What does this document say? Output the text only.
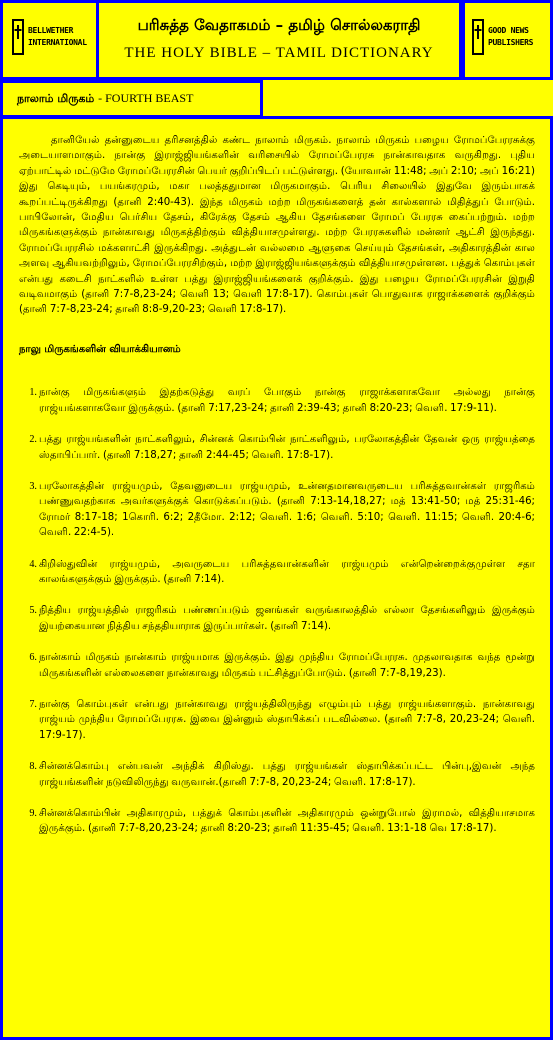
BELLWETHER
INTERNATIONAL
பரிசுத்த வேதாகமம் – தமிழ் சொல்லகராதி
THE HOLY BIBLE – TAMIL DICTIONARY
GOOD NEWS
PUBLISHERS
நாலாம் மிருகம் - FOURTH BEAST

தானியேல் தன்னுடைய தரிசனத்தில் கண்ட நாலாம் மிருகம். நாலாம் மிருகம் பழைய ரோமப்பேரரசுக்கு அடையாளமாகும். நான்கு இராஜ்ஜியங்களின் வரிசையில் ரோமப்பேரரசு நான்காவதாக வருகிறது. புதிய ஏற்பாட்டில் மட்டுமே ரோமப்பேரரசின் பெயர் குறிப்பிடப் பட்டுள்ளது. (யோவான் 11:48; அப் 2:10; அப் 16:21) இது கெடியும், பயங்கரமும், மகா பலத்ததுமான மிருகமாகும். பெரிய சிலையில் இதுவே இரும்பாகக் கூறப்பட்டிருக்கிறது (தானி 2:40-43). இந்த மிருகம் மற்ற மிருகங்களைத் தன் கால்களால் மிதித்துப் போடும். பாபிலோன், மேதிய பெர்சிய தேசம், கிரேக்கு தேசம் ஆகிய தேசங்களை ரோமப் பேரரசு கைப்பற்றும். மற்ற மிருகங்களுக்கும் நான்காவது மிருகத்திற்கும் வித்தியாசமுள்ளது. மற்ற பேரரசுகளில் மன்னர் ஆட்சி இருந்தது. ரோமப்பேரரசில் மக்களாட்சி இருக்கிறது. அத்துடன் வல்லமை ஆளுகை செய்யும் தேசங்கள், அதிகாரத்தின் கால அளவு ஆகியவற்றிலும், ரோமப்பேரரசிற்கும், மற்ற இராஜ்ஜியங்களுக்கும் வித்தியாசமுள்ளன. பத்துக் கொம்புகள் என்பது கடைசி நாட்களில் உள்ள பத்து இராஜ்ஜியங்களைக் குறிக்கும். இது பழைய ரோமப்பேரரசின் இறுதி வடிவமாகும் (தானி 7:7-8,23-24; வெளி 13; வெளி 17:8-17). கொம்புகள் பொதுவாக ராஜாக்களைக் குறிக்கும் (தானி 7:7-8,23-24; தானி 8:8-9,20-23; வெளி 17:8-17).

நாலு மிருகங்களின் வியாக்கியானம்
1. நான்கு மிருகங்களும் இதற்கடுத்து வரப் போகும் நான்கு ராஜாக்களாகவோ அல்லது நான்கு ராஜ்யங்களாகவோ இருக்கும். (தானி 7:17,23-24; தானி 2:39-43; தானி 8:20-23; வெளி. 17:9-11).
2. பத்து ராஜ்யங்களின் நாட்களிலும், சின்னக் கொம்பின் நாட்களிலும், பரலோகத்தின் தேவன் ஒரு ராஜ்யத்தை ஸ்தாபிப்பார். (தானி 7:18,27; தானி 2:44-45; வெளி. 17:8-17).
3. பரலோகத்தின் ராஜ்யமும், தேவனுடைய ராஜ்யமும், உன்னதமானவருடைய பரிசுத்தவான்கள் ராஜரிகம் பண்ணுவதற்காக அவர்களுக்குக் கொடுக்கப்படும். (தானி 7:13-14,18,27; மத் 13:41-50; மத் 25:31-46; ரோமர் 8:17-18; 1கொரி. 6:2; 2தீமோ. 2:12; வெளி. 1:6; வெளி. 5:10; வெளி. 11:15; வெளி. 20:4-6; வெளி. 22:4-5).
4. கிறிஸ்துவின் ராஜ்யமும், அவருடைய பரிசுத்தவான்களின் ராஜ்யமும் என்றென்றைக்குமுள்ள சதா காலங்களுக்கும் இருக்கும். (தானி 7:14).
5. நித்திய ராஜ்யத்தில் ராஜரிகம் பண்ணப்படும் ஜனங்கள் வருங்காலத்தில் எல்லா தேசங்களிலும் இருக்கும் இயற்கையான நித்திய சந்ததியாராக இருப்பார்கள். (தானி 7:14).
6. நான்காம் மிருகம் நான்காம் ராஜ்யமாக இருக்கும். இது முந்திய ரோமப்பேரரசு. முதலாவதாக வந்த மூன்று மிருகங்களின் எல்லைகளை நான்காவது மிருகம் பட்சித்துப்போடும். (தானி 7:7-8,19,23).
7. நான்கு கொம்புகள் என்பது நான்காவது ராஜ்யத்திலிருந்து எழும்பும் பத்து ராஜ்யங்களாகும். நான்காவது ராஜ்யம் முந்திய ரோமப்பேரரசு. இவை இன்னும் ஸ்தாபிக்கப் படவில்லை. (தானி 7:7-8, 20,23-24; வெளி. 17:9-17).
8. சின்னக்கொம்பு என்பவன் அந்திக் கிறிஸ்து. பத்து ராஜ்யங்கள் ஸ்தாபிக்கப்பட்ட பின்பு,இவன் அந்த ராஜ்யங்களின் நடுவிலிருந்து வருவான்.(தானி 7:7-8, 20,23-24; வெளி. 17:8-17).
9. சின்னக்கொம்பின் அதிகாரமும், பத்துக் கொம்புகளின் அதிகாரமும் ஒன்றுபோல் இராமல், வித்தியாசமாக இருக்கும். (தானி 7:7-8,20,23-24; தானி 8:20-23; தானி 11:35-45; வெளி. 13:1-18 வெ 17:8-17).
